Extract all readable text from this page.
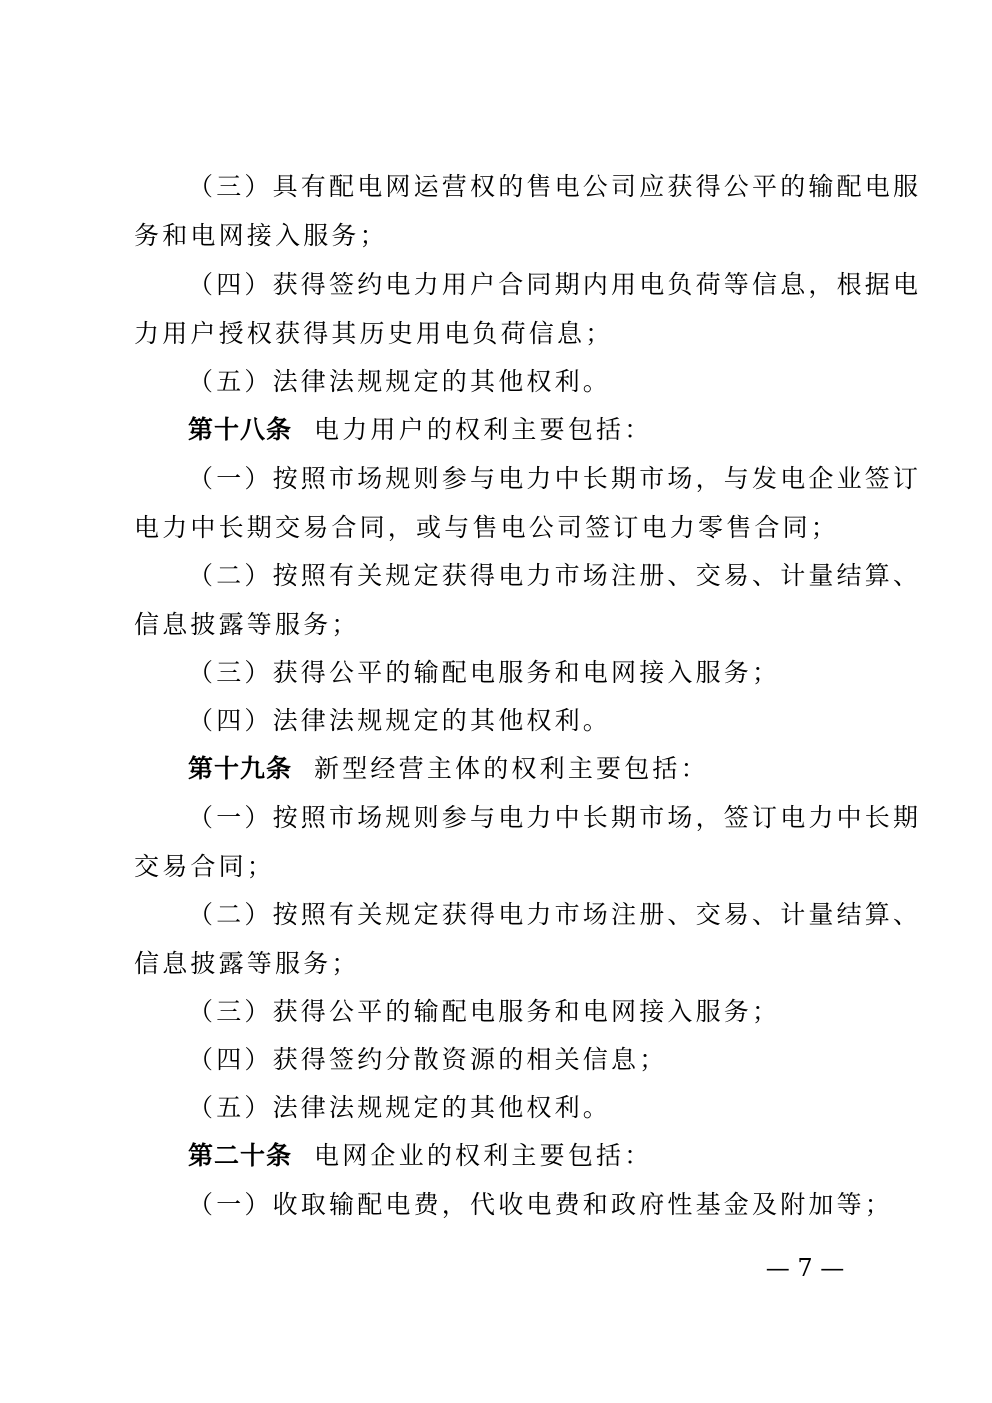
（三）具有配电网运营权的售电公司应获得公平的输配电服
务和电网接入服务；
（四）获得签约电力用户合同期内用电负荷等信息，根据电
力用户授权获得其历史用电负荷信息；
（五）法律法规规定的其他权利。
第十八条 电力用户的权利主要包括：
（一）按照市场规则参与电力中长期市场，与发电企业签订
电力中长期交易合同，或与售电公司签订电力零售合同；
（二）按照有关规定获得电力市场注册、交易、计量结算、
信息披露等服务；
（三）获得公平的输配电服务和电网接入服务；
（四）法律法规规定的其他权利。
第十九条 新型经营主体的权利主要包括：
（一）按照市场规则参与电力中长期市场，签订电力中长期
交易合同；
（二）按照有关规定获得电力市场注册、交易、计量结算、
信息披露等服务；
（三）获得公平的输配电服务和电网接入服务；
（四）获得签约分散资源的相关信息；
（五）法律法规规定的其他权利。
第二十条 电网企业的权利主要包括：
（一）收取输配电费，代收电费和政府性基金及附加等；
— 7 —
